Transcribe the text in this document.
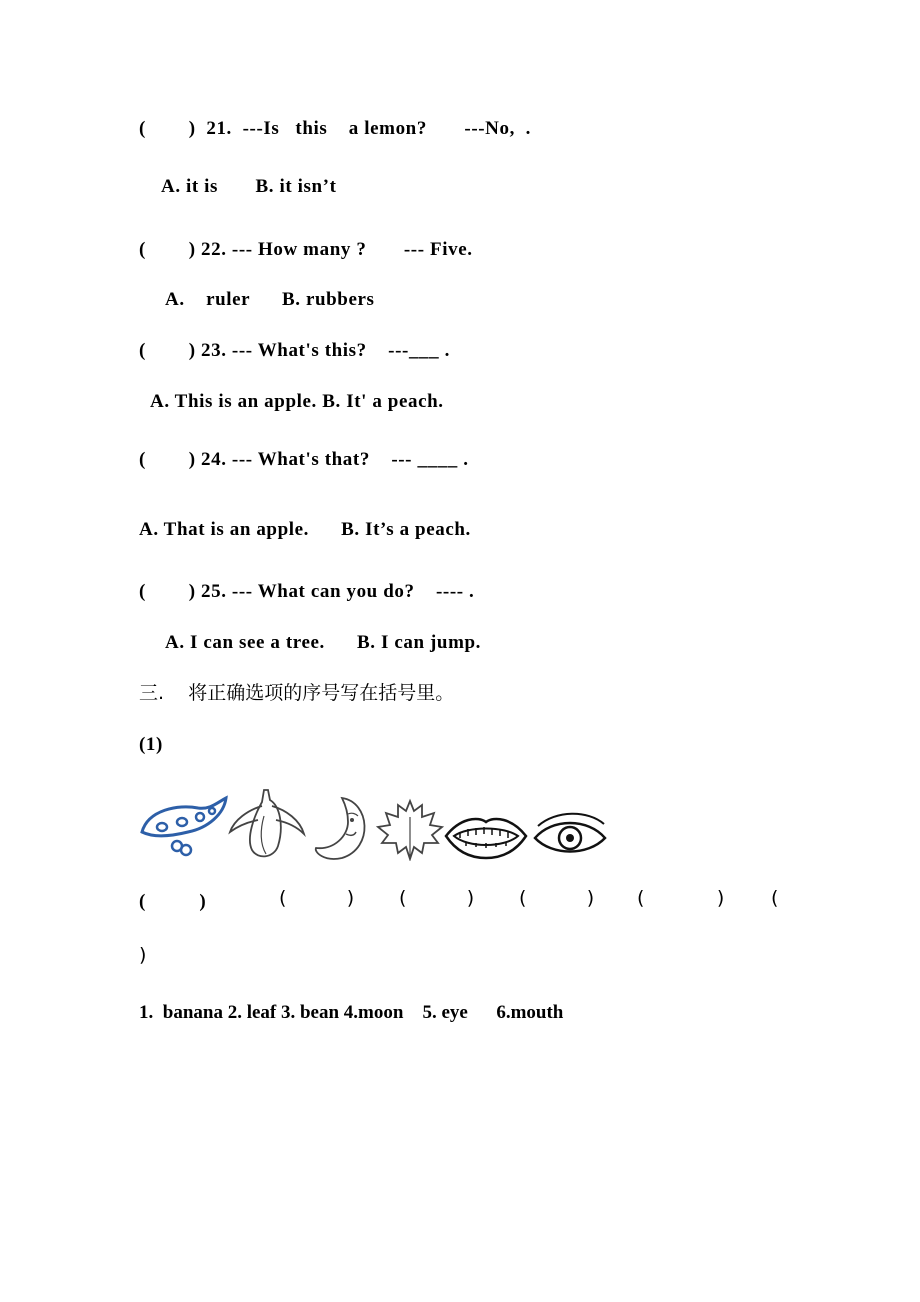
(        )  21.  ---Is   this    a lemon?       ---No,  .
A. it is       B. it isn’t
(        ) 22. --- How many ?       --- Five.
A.    ruler      B. rubbers
(        ) 23. --- What's this?    ---___ .
A. This is an apple. B. It' a peach.
(        ) 24. --- What's that?    --- ____ .
A. That is an apple.      B. It’s a peach.
(        ) 25. --- What can you do?    ---- .
A. I can see a tree.      B. I can jump.
三.    将正确选项的序号写在括号里。
(1)
(          )	(          ) (          ) (          ) (            ) (
)
1.  banana 2. leaf 3. bean 4.moon    5. eye      6.mouth
